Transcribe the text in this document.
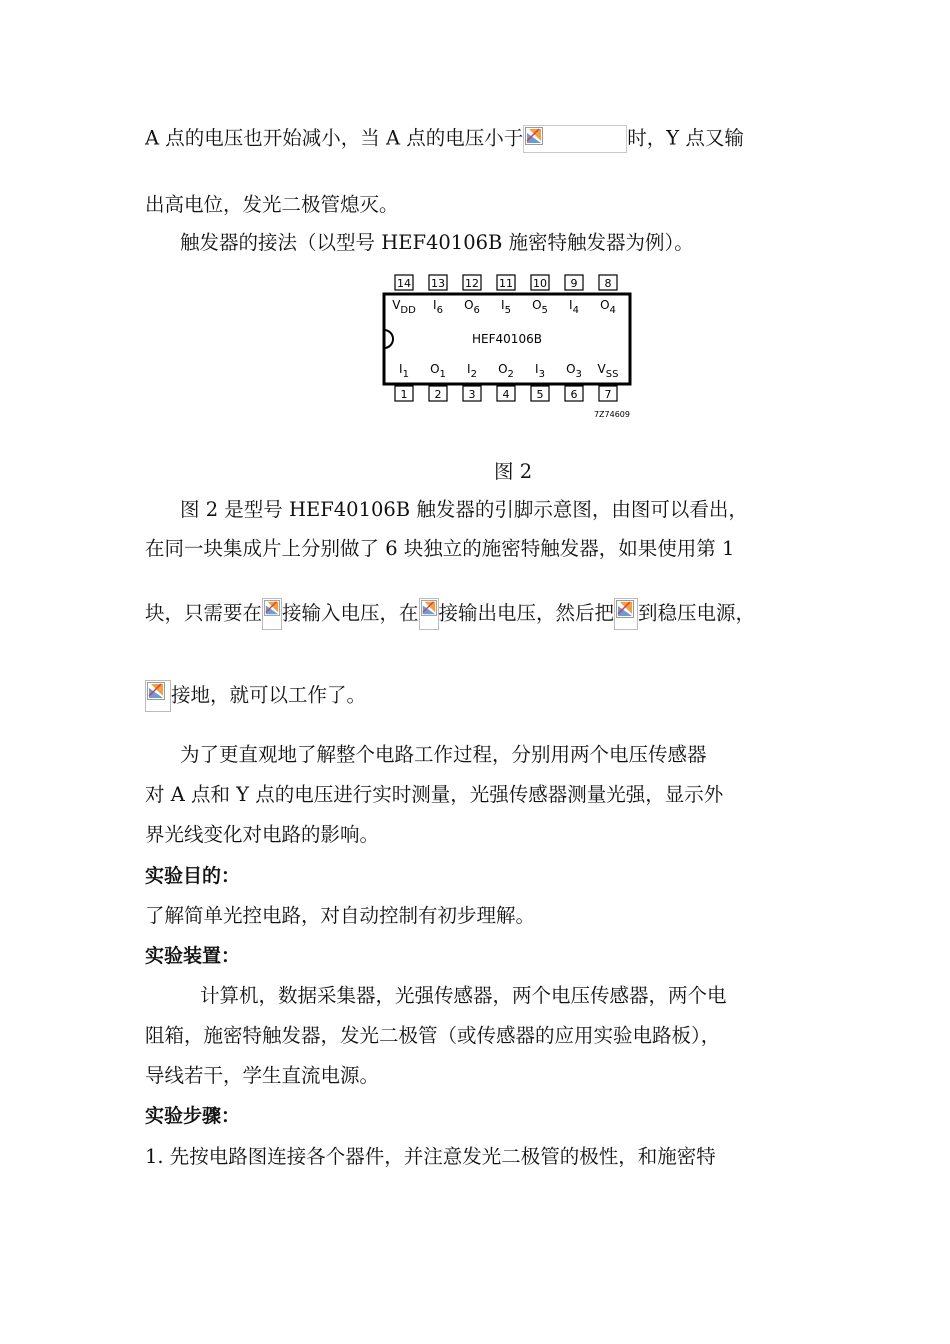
A 点的电压也开始减小，当 A 点的电压小于	时，Y 点又输
出高电位，发光二极管熄灭。
触发器的接法（以型号 HEF40106B 施密特触发器为例）。
14 13 12 11 10 9 8
1 2 3 4 5 6 7
$V_{DD}$ $I_6$ $O_6$ $I_5$ $O_5$ $I_4$ $O_4$
$I_1$ $O_1$ $I_2$ $O_2$ $I_3$ $O_3$ $V_{SS}$
HEF40106B
7Z74609
图 2
图 2 是型号 HEF40106B 触发器的引脚示意图，由图可以看出，
在同一块集成片上分别做了 6 块独立的施密特触发器，如果使用第 1
块，只需要在 接输入电压，在 接输出电压，然后把 到稳压电源，
接地，就可以工作了。
为了更直观地了解整个电路工作过程，分别用两个电压传感器
对 A 点和 Y 点的电压进行实时测量，光强传感器测量光强，显示外
界光线变化对电路的影响。
实验目的：
了解简单光控电路，对自动控制有初步理解。
实验装置：
计算机，数据采集器，光强传感器，两个电压传感器，两个电
阻箱，施密特触发器，发光二极管（或传感器的应用实验电路板），
导线若干，学生直流电源。
实验步骤：
1. 先按电路图连接各个器件，并注意发光二极管的极性，和施密特
